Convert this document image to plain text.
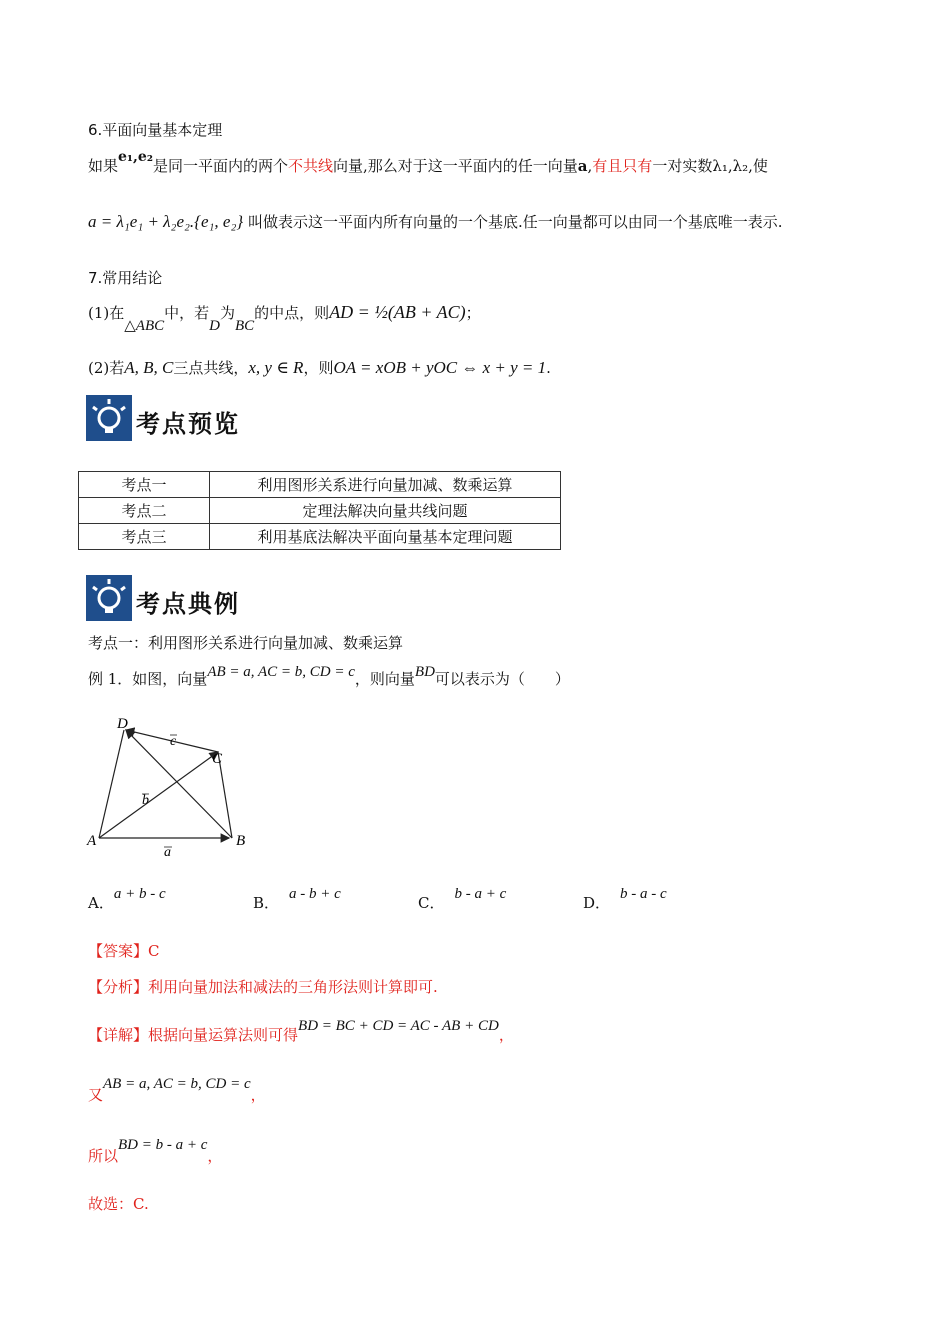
6.平面向量基本定理
如果e₁,e₂是同一平面内的两个不共线向量,那么对于这一平面内的任一向量a,有且只有一对实数λ₁,λ₂,使
a = λ₁e₁ + λ₂e₂.{e₁, e₂} 叫做表示这一平面内所有向量的一个基底.任一向量都可以由同一个基底唯一表示.
7.常用结论
(1)在△ABC中，若D为BC的中点，则AD = ½(AB + AC)；
(2)若A, B, C三点共线，x, y ∈ R，则OA = xOB + yOC ⇔ x + y = 1.
考点预览
考点一	利用图形关系进行向量加减、数乘运算
考点二	定理法解决向量共线问题
考点三	利用基底法解决平面向量基本定理问题
考点典例
考点一：利用图形关系进行向量加减、数乘运算
例 1．如图，向量AB = a, AC = b, CD = c，则向量BD可以表示为（　　）
A	B
C
D
a
b
c
A．a + b - c	B． a - b + c	C． b - a + c	D． b - a - c
【答案】C
【分析】利用向量加法和减法的三角形法则计算即可.
【详解】根据向量运算法则可得BD = BC + CD = AC - AB + CD，
又AB = a, AC = b, CD = c，
所以BD = b - a + c，
故选：C.
